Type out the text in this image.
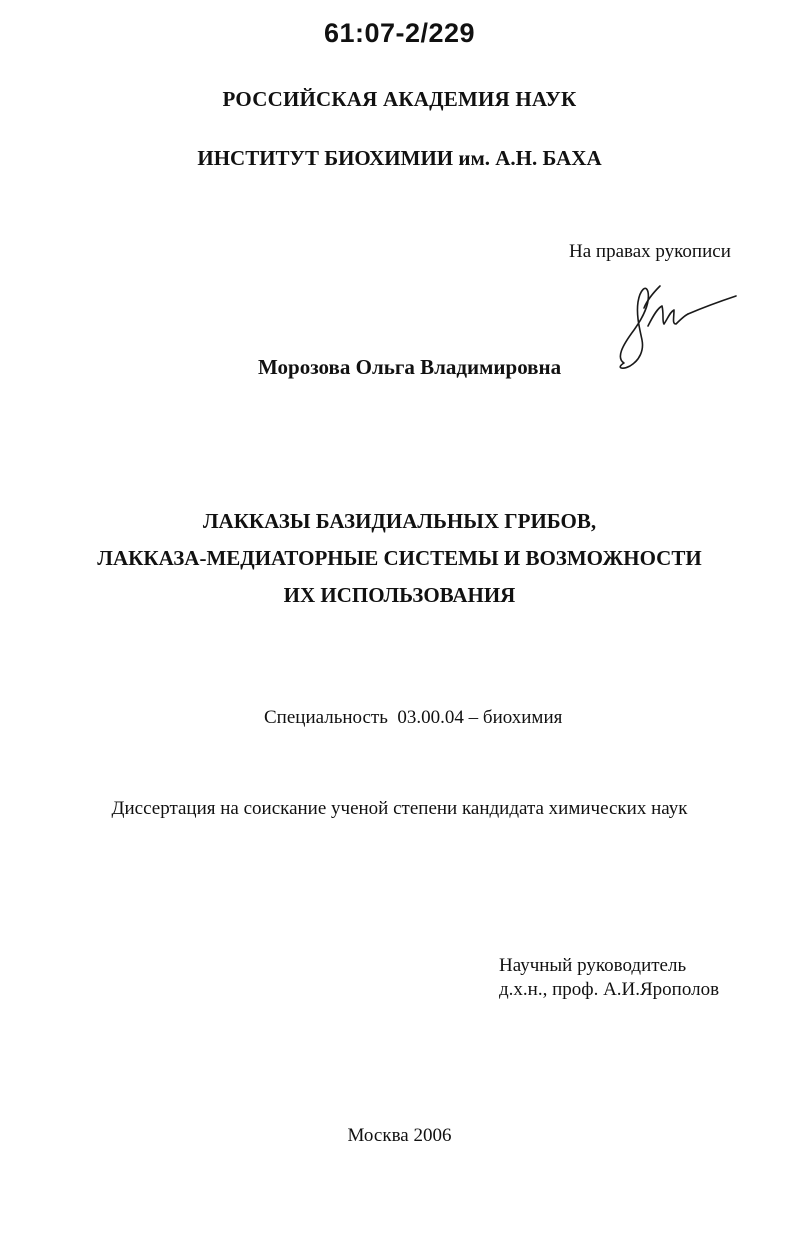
61:07-2/229
РОССИЙСКАЯ АКАДЕМИЯ НАУК
ИНСТИТУТ БИОХИМИИ им. А.Н. БАХА
На правах рукописи
Морозова Ольга Владимировна
ЛАККАЗЫ БАЗИДИАЛЬНЫХ ГРИБОВ,
ЛАККАЗА-МЕДИАТОРНЫЕ СИСТЕМЫ И ВОЗМОЖНОСТИ
ИХ ИСПОЛЬЗОВАНИЯ
Специальность  03.00.04 – биохимия
Диссертация на соискание ученой степени кандидата химических наук
Научный руководитель
д.х.н., проф. А.И.Ярополов
Москва 2006
